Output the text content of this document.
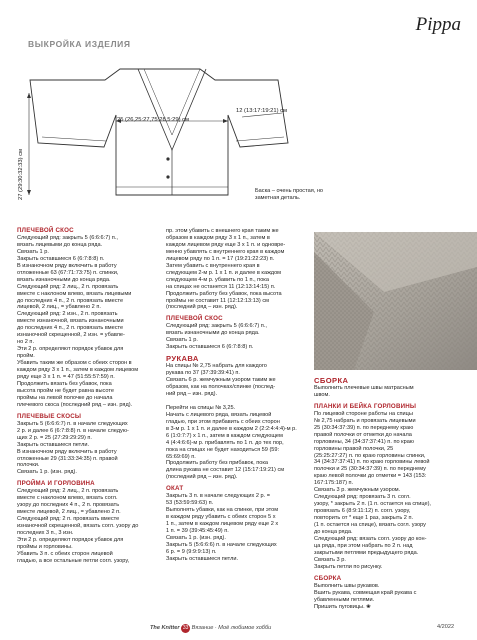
Pippa
ВЫКРОЙКА ИЗДЕЛИЯ
27 (29:30:32:33) см
25 (26,25:27,75:28,5:29) см
12 (13:17:19:21) см
Баска – очень простая, но заметная деталь.

ПЛЕЧЕВОЙ СКОС

Следующий ряд: закрыть 5 (6:6:6:7) п.,

вязать лицевыми до конца ряда.

Связать 1 р.

Закрыть оставшиеся 6 (6:7:8:8) п.

В изнаночном ряду включить в работу

отложенные 63 (67:71:73:75) п. спинки,

вязать изнаночными до конца ряда.

Следующий ряд: 2 лиц., 2 п. провязать

вместе с наклоном влево, вязать лицевыми

до последних 4 п., 2 п. провязать вместе

лицевой, 2 лиц., = убавлено 2 п.

Следующий ряд: 2 изн., 2 п. провязать

вместе изнаночной, вязать изнаночными

до последних 4 п., 2 п. провязать вместе

изнаночной скрещенной, 2 изн. = убавле-

но 2 п.

Эти 2 р. определяют порядок убавок для

пройм.

Убавить таким же образом с обеих сторон в

каждом ряду 3 х 1 п., затем в каждом лицевом

ряду еще 3 х 1 п. = 47 (51:55:57:59) п.

Продолжить вязать без убавок, пока

высота пройм не будет равна высоте

проймы на левой полочке до начала

плечевого скоса (последний ряд – изн. ряд).

ПЛЕЧЕВЫЕ СКОСЫ

Закрыть 5 (6:6:6:7) п. в начале следующих

2 р. и далее 6 (6:7:8:8) п. в начале следую-

щих 2 р. = 25 (27:29:29:29) п.

Закрыть оставшиеся петли.

В изнаночном ряду включить в работу

отложенные 29 (31:33:34:35) п. правой

полочки.

Связать 1 р. (изн. ряд).

ПРОЙМА И ГОРЛОВИНА

Следующий ряд: 2 лиц., 2 п. провязать

вместе с наклоном влево, вязать согл.

узору до последних 4 п., 2 п. провязать

вместе лицевой, 2 лиц., = убавлено 2 п.

Следующий ряд: 2 п. провязать вместе

изнаночной скрещенной, вязать согл. узору до

последних 3 п., 3 изн.

Эти 2 р. определяют порядок убавок для

проймы и горловины.

Убавить 3 п. с обеих сторон лицевой

гладью, а все остальные петли согл. узору,

пр. этом убавить с внешнего края таким же

образом в каждом ряду 3 х 1 п., затем в

каждом лицевом ряду еще 3 х 1 п. и одновре-

менно убавлять с внутреннего края в каждом

лицевом ряду по 1 п. = 17 (19:21:22:23) п.

Затем убавить с внутреннего края в

следующем 2-м р. 1 х 1 п. и далее в каждом

следующем 4-м р. убавить по 1 п., пока

на спицах не останется 11 (12:13:14:15) п.

Продолжить работу без убавок, пока высота

проймы не составит 11 (12:12:13:13) см

(последний ряд – изн. ряд).

ПЛЕЧЕВОЙ СКОС

Следующий ряд: закрыть 5 (6:6:6:7) п.,

вязать изнаночными до конца ряда.

Связать 1 р.

Закрыть оставшиеся 6 (6:7:8:8) п.

РУКАВА

На спицы № 2,75 набрать для каждого

рукава по 37 (37:39:39:41) п.

Связать 6 р. жемчужным узором таким же

образом, как на полочках/спинке (послед-

ний ряд – изн. ряд).

Перейти на спицы № 3,25.

Начать с лицевого ряда, вязать лицевой

гладью, при этом прибавить с обеих сторон

в 3-м р. 1 х 1 п. и далее в каждом 2 (2:2:4:4:4)-м р.

6 (1:0:7:7) х 1 п., затем в каждом следующем

4 (4:4:6:6)-м р. прибавлять по 1 п. до тех пор,

пока на спицах не будет находиться 59 (59:

65:69:69) п.

Продолжить работу без прибавок, пока

длина рукава не составит 12 (15:17:19:21) см

(последний ряд – изн. ряд).

ОКАТ

Закрыть 3 п. в начале следующих 2 р. =

53 (53:59:59:63) п.

Выполнять убавки, как на спинке, при этом

в каждом ряду убавить с обеих сторон 5 х

1 п., затем в каждом лицевом ряду еще 2 х

1 п. = 39 (39:45:45:49) п.

Связать 1 р. (изн. ряд).

Закрыть 5 (5:6:6:6) п. в начале следующих

6 р. = 9 (9:9:9:13) п.

Закрыть оставшиеся петли.

СБОРКА

Выполнить плечевые швы матрасным

швом.

ПЛАНКИ И БЕЙКА ГОРЛОВИНЫ

По лицевой стороне работы на спицы

№ 2,75 набрать и провязать лицевыми

25 (30:34:37:39) п. по переднему краю

правой полочки от отметки до начала

горловины, 34 (34:37:37:41) п. по краю

горловины правой полочки, 25

(25:25:27:27) п. по краю горловины спинки,

34 (34:37:37:41) п. по краю горловины левой

полочки и 25 (30:34:37:39) п. по переднему

краю левой полочки до отметки = 143 (153:

167:175:187) п.

Связать 3 р. жемчужным узором.

Следующий ряд: провязать 3 п. согл.

узору, * закрыть 2 п. (1 п. остается на спице),

провязать 6 (8:9:11:12) п. согл. узору,

повторить от * еще 1 раз, закрыть 2 п.

(1 п. остается на спице), вязать согл. узору

до конца ряда.

Следующий ряд: вязать согл. узору до кон-

ца ряда, при этом набрать по 2 п. над

закрытыми петлями предыдущего ряда.

Связать 3 р.

Закрыть петли по рисунку.

СБОРКА

Выполнить швы рукавов.

Вшить рукава, совмещая край рукава с

убавленными петлями.

Пришить пуговицы. ❀

The Knitter 33 Вязание · Моё любимое хобби	4/2022
